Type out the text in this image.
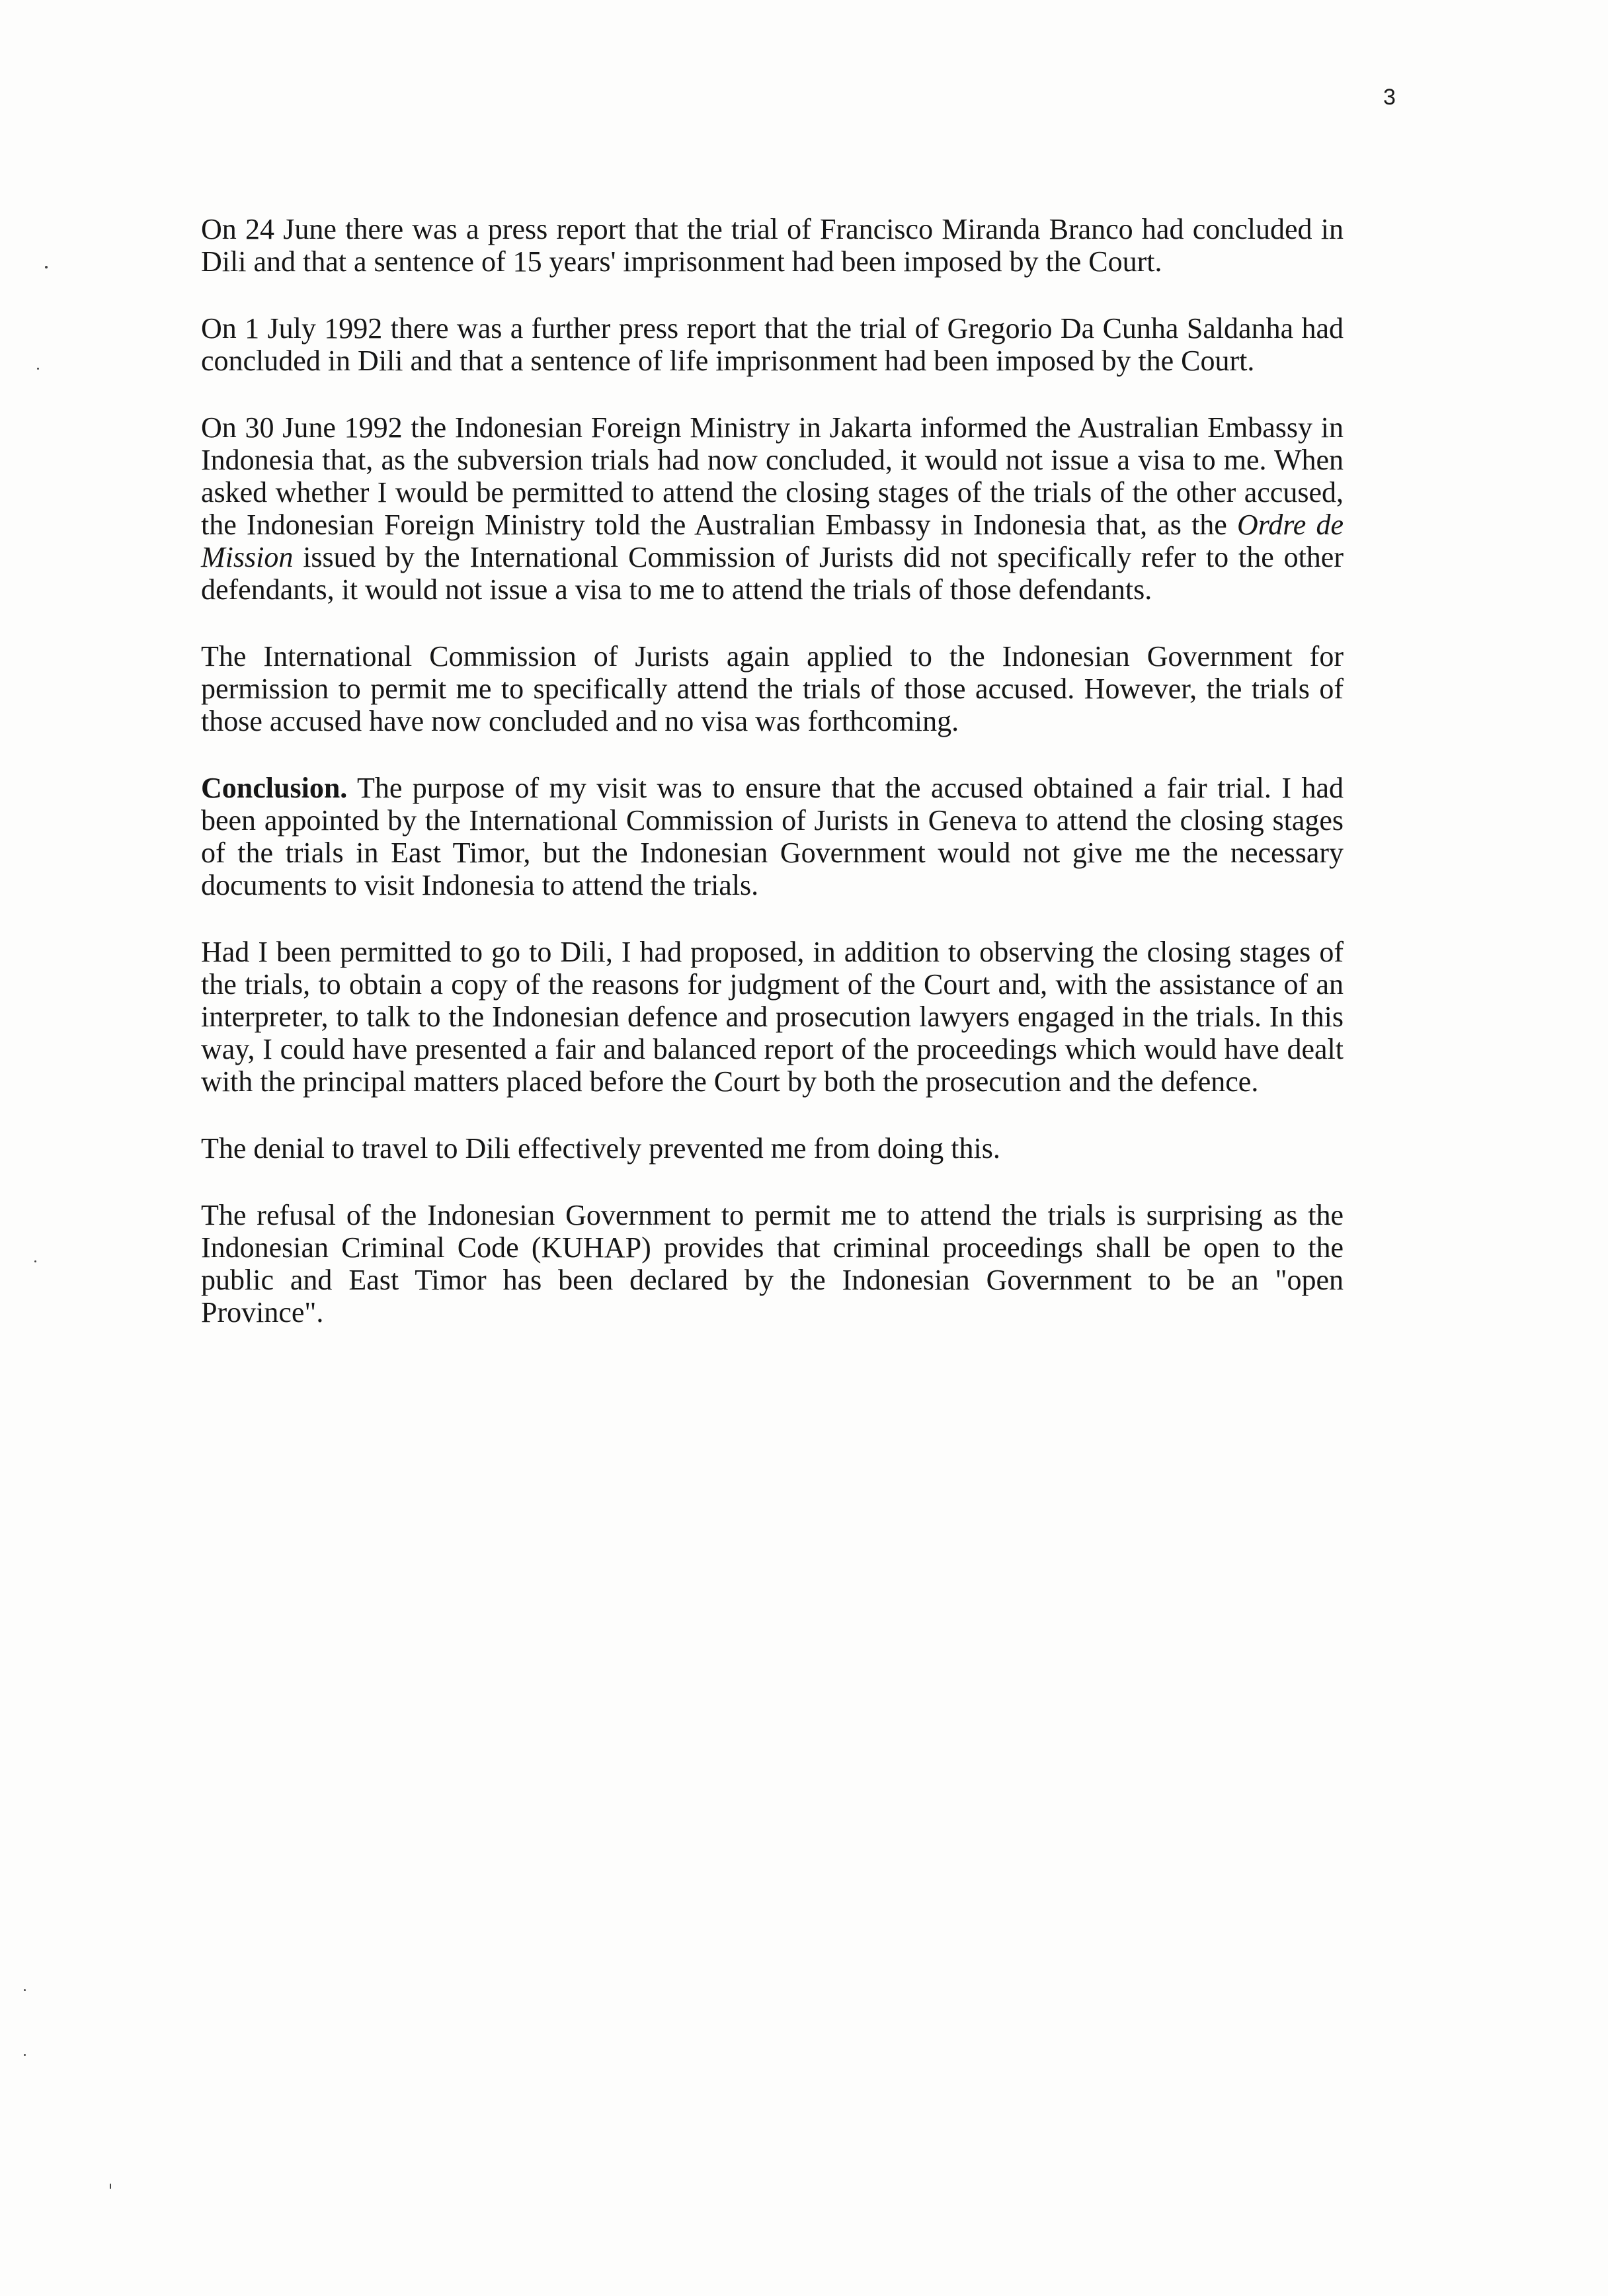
3

On 24 June there was a press report that the trial of Francisco Miranda Branco had concluded in Dili and that a sentence of 15 years' imprisonment had been imposed by the Court.

On 1 July 1992 there was a further press report that the trial of Gregorio Da Cunha Saldanha had concluded in Dili and that a sentence of life imprisonment had been imposed by the Court.

On 30 June 1992 the Indonesian Foreign Ministry in Jakarta informed the Australian Embassy in Indonesia that, as the subversion trials had now concluded, it would not issue a visa to me. When asked whether I would be permitted to attend the closing stages of the trials of the other accused, the Indonesian Foreign Ministry told the Australian Embassy in Indonesia that, as the Ordre de Mission issued by the International Commission of Jurists did not specifically refer to the other defendants, it would not issue a visa to me to attend the trials of those defendants.

The International Commission of Jurists again applied to the Indonesian Government for permission to permit me to specifically attend the trials of those accused. However, the trials of those accused have now concluded and no visa was forthcoming.

Conclusion. The purpose of my visit was to ensure that the accused obtained a fair trial. I had been appointed by the International Commission of Jurists in Geneva to attend the closing stages of the trials in East Timor, but the Indonesian Government would not give me the necessary documents to visit Indonesia to attend the trials.

Had I been permitted to go to Dili, I had proposed, in addition to observing the closing stages of the trials, to obtain a copy of the reasons for judgment of the Court and, with the assistance of an interpreter, to talk to the Indonesian defence and prosecution lawyers engaged in the trials. In this way, I could have presented a fair and balanced report of the proceedings which would have dealt with the principal matters placed before the Court by both the prosecution and the defence.

The denial to travel to Dili effectively prevented me from doing this.

The refusal of the Indonesian Government to permit me to attend the trials is surprising as the Indonesian Criminal Code (KUHAP) provides that criminal proceedings shall be open to the public and East Timor has been declared by the Indonesian Government to be an "open Province".
